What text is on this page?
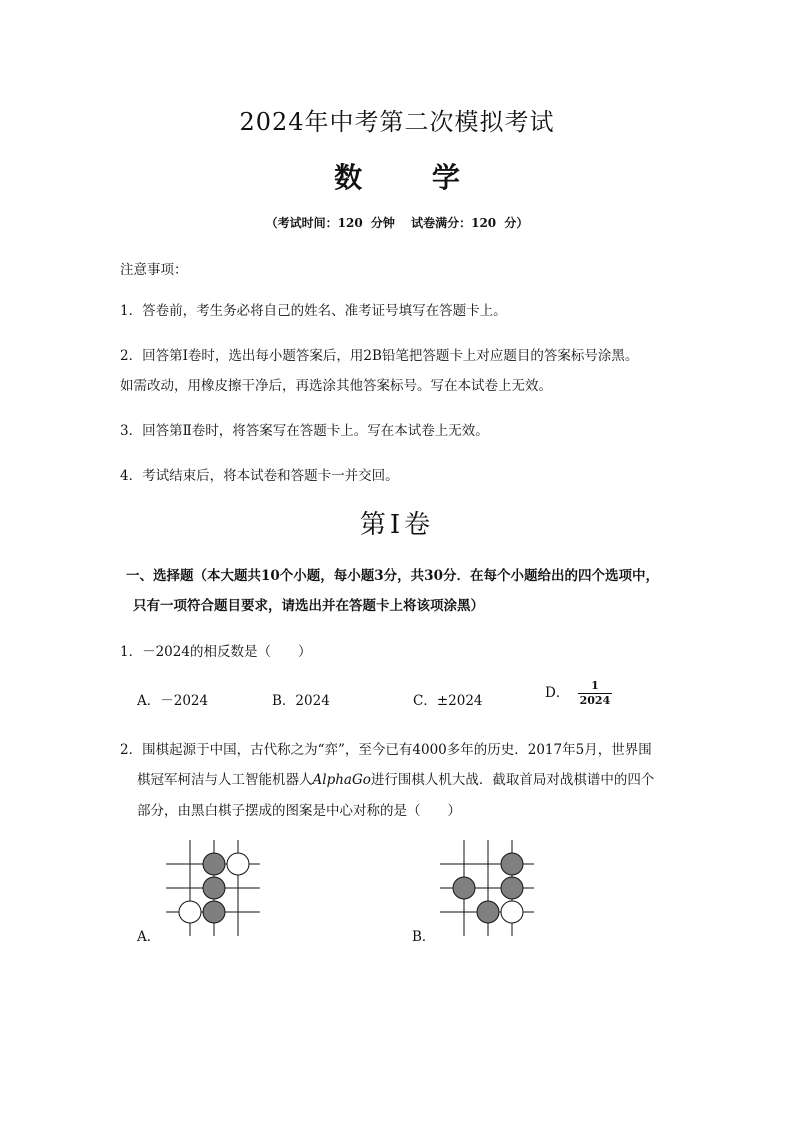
2024年中考第二次模拟考试
数 学
（考试时间：120 分钟 试卷满分：120 分）
注意事项：
1．答卷前，考生务必将自己的姓名、准考证号填写在答题卡上。
2．回答第Ⅰ卷时，选出每小题答案后，用2B铅笔把答题卡上对应题目的答案标号涂黑。
如需改动，用橡皮擦干净后，再选涂其他答案标号。写在本试卷上无效。
3．回答第Ⅱ卷时，将答案写在答题卡上。写在本试卷上无效。
4．考试结束后，将本试卷和答题卡一并交回。
第Ⅰ卷
一、选择题（本大题共10个小题，每小题3分，共30分．在每个小题给出的四个选项中，
只有一项符合题目要求，请选出并在答题卡上将该项涂黑）
1．－2024的相反数是（　　）
A．－2024	B．2024	C．±2024	D． $\frac{1}{2024}$
2．围棋起源于中国，古代称之为“弈”，至今已有4000多年的历史．2017年5月，世界围
棋冠军柯洁与人工智能机器人AlphaGo进行围棋人机大战．截取首局对战棋谱中的四个
部分，由黑白棋子摆成的图案是中心对称的是（　　）
A．	B．
